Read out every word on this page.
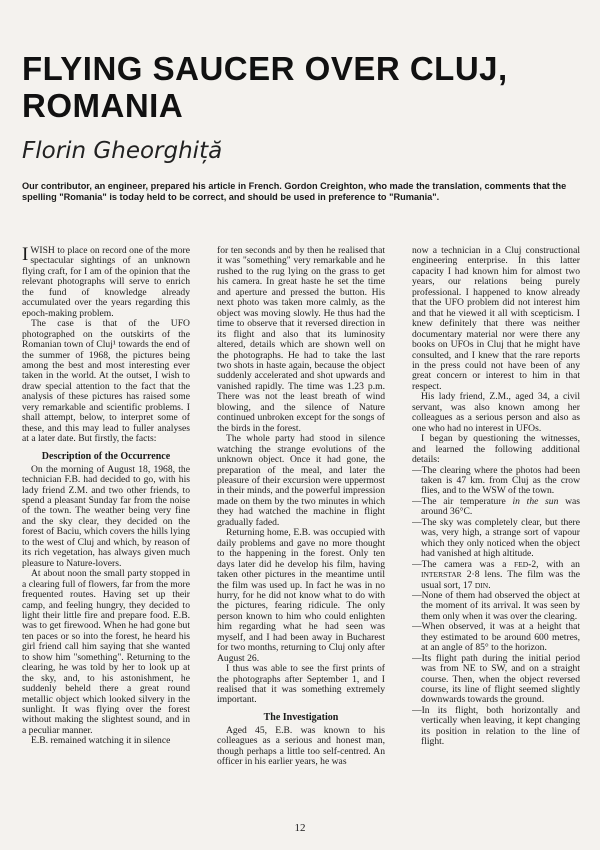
FLYING SAUCER OVER CLUJ, ROMANIA
Florin Gheorghiță

Our contributor, an engineer, prepared his article in French. Gordon Creighton, who made the translation, comments that the spelling "Romania" is today held to be correct, and should be used in preference to "Rumania".

IWISH to place on record one of the more spectacular sightings of an unknown flying craft, for I am of the opinion that the relevant photographs will serve to enrich the fund of knowledge already accumulated over the years regarding this epoch-making problem.

The case is that of the UFO photographed on the outskirts of the Romanian town of Cluj¹ towards the end of the summer of 1968, the pictures being among the best and most interesting ever taken in the world. At the outset, I wish to draw special attention to the fact that the analysis of these pictures has raised some very remarkable and scientific problems. I shall attempt, below, to interpret some of these, and this may lead to fuller analyses at a later date. But firstly, the facts:

Description of the Occurrence

On the morning of August 18, 1968, the technician F.B. had decided to go, with his lady friend Z.M. and two other friends, to spend a pleasant Sunday far from the noise of the town. The weather being very fine and the sky clear, they decided on the forest of Baciu, which covers the hills lying to the west of Cluj and which, by reason of its rich vegetation, has always given much pleasure to Nature-lovers.

At about noon the small party stopped in a clearing full of flowers, far from the more frequented routes. Having set up their camp, and feeling hungry, they decided to light their little fire and prepare food. E.B. was to get firewood. When he had gone but ten paces or so into the forest, he heard his girl friend call him saying that she wanted to show him "something". Returning to the clearing, he was told by her to look up at the sky, and, to his astonishment, he suddenly beheld there a great round metallic object which looked silvery in the sunlight. It was flying over the forest without making the slightest sound, and in a peculiar manner.

E.B. remained watching it in silence

for ten seconds and by then he realised that it was "something" very remarkable and he rushed to the rug lying on the grass to get his camera. In great haste he set the time and aperture and pressed the button. His next photo was taken more calmly, as the object was moving slowly. He thus had the time to observe that it reversed direction in its flight and also that its luminosity altered, details which are shown well on the photographs. He had to take the last two shots in haste again, because the object suddenly accelerated and shot upwards and vanished rapidly. The time was 1.23 p.m. There was not the least breath of wind blowing, and the silence of Nature continued unbroken except for the songs of the birds in the forest.

The whole party had stood in silence watching the strange evolutions of the unknown object. Once it had gone, the preparation of the meal, and later the pleasure of their excursion were uppermost in their minds, and the powerful impression made on them by the two minutes in which they had watched the machine in flight gradually faded.

Returning home, E.B. was occupied with daily problems and gave no more thought to the happening in the forest. Only ten days later did he develop his film, having taken other pictures in the meantime until the film was used up. In fact he was in no hurry, for he did not know what to do with the pictures, fearing ridicule. The only person known to him who could enlighten him regarding what he had seen was myself, and I had been away in Bucharest for two months, returning to Cluj only after August 26.

I thus was able to see the first prints of the photographs after September 1, and I realised that it was something extremely important.

The Investigation

Aged 45, E.B. was known to his colleagues as a serious and honest man, though perhaps a little too self-centred. An officer in his earlier years, he was

now a technician in a Cluj constructional engineering enterprise. In this latter capacity I had known him for almost two years, our relations being purely professional. I happened to know already that the UFO problem did not interest him and that he viewed it all with scepticism. I knew definitely that there was neither documentary material nor were there any books on UFOs in Cluj that he might have consulted, and I knew that the rare reports in the press could not have been of any great concern or interest to him in that respect.

His lady friend, Z.M., aged 34, a civil servant, was also known among her colleagues as a serious person and also as one who had no interest in UFOs.

I began by questioning the witnesses, and learned the following additional details:

—The clearing where the photos had been taken is 47 km. from Cluj as the crow flies, and to the WSW of the town.

—The air temperature in the sun was around 36°C.

—The sky was completely clear, but there was, very high, a strange sort of vapour which they only noticed when the object had vanished at high altitude.

—The camera was a FED-2, with an INTERSTAR 2·8 lens. The film was the usual sort, 17 DIN.

—None of them had observed the object at the moment of its arrival. It was seen by them only when it was over the clearing.

—When observed, it was at a height that they estimated to be around 600 metres, at an angle of 85° to the horizon.

—Its flight path during the initial period was from NE to SW, and on a straight course. Then, when the object reversed course, its line of flight seemed slightly downwards towards the ground.

—In its flight, both horizontally and vertically when leaving, it kept changing its position in relation to the line of flight.

12
